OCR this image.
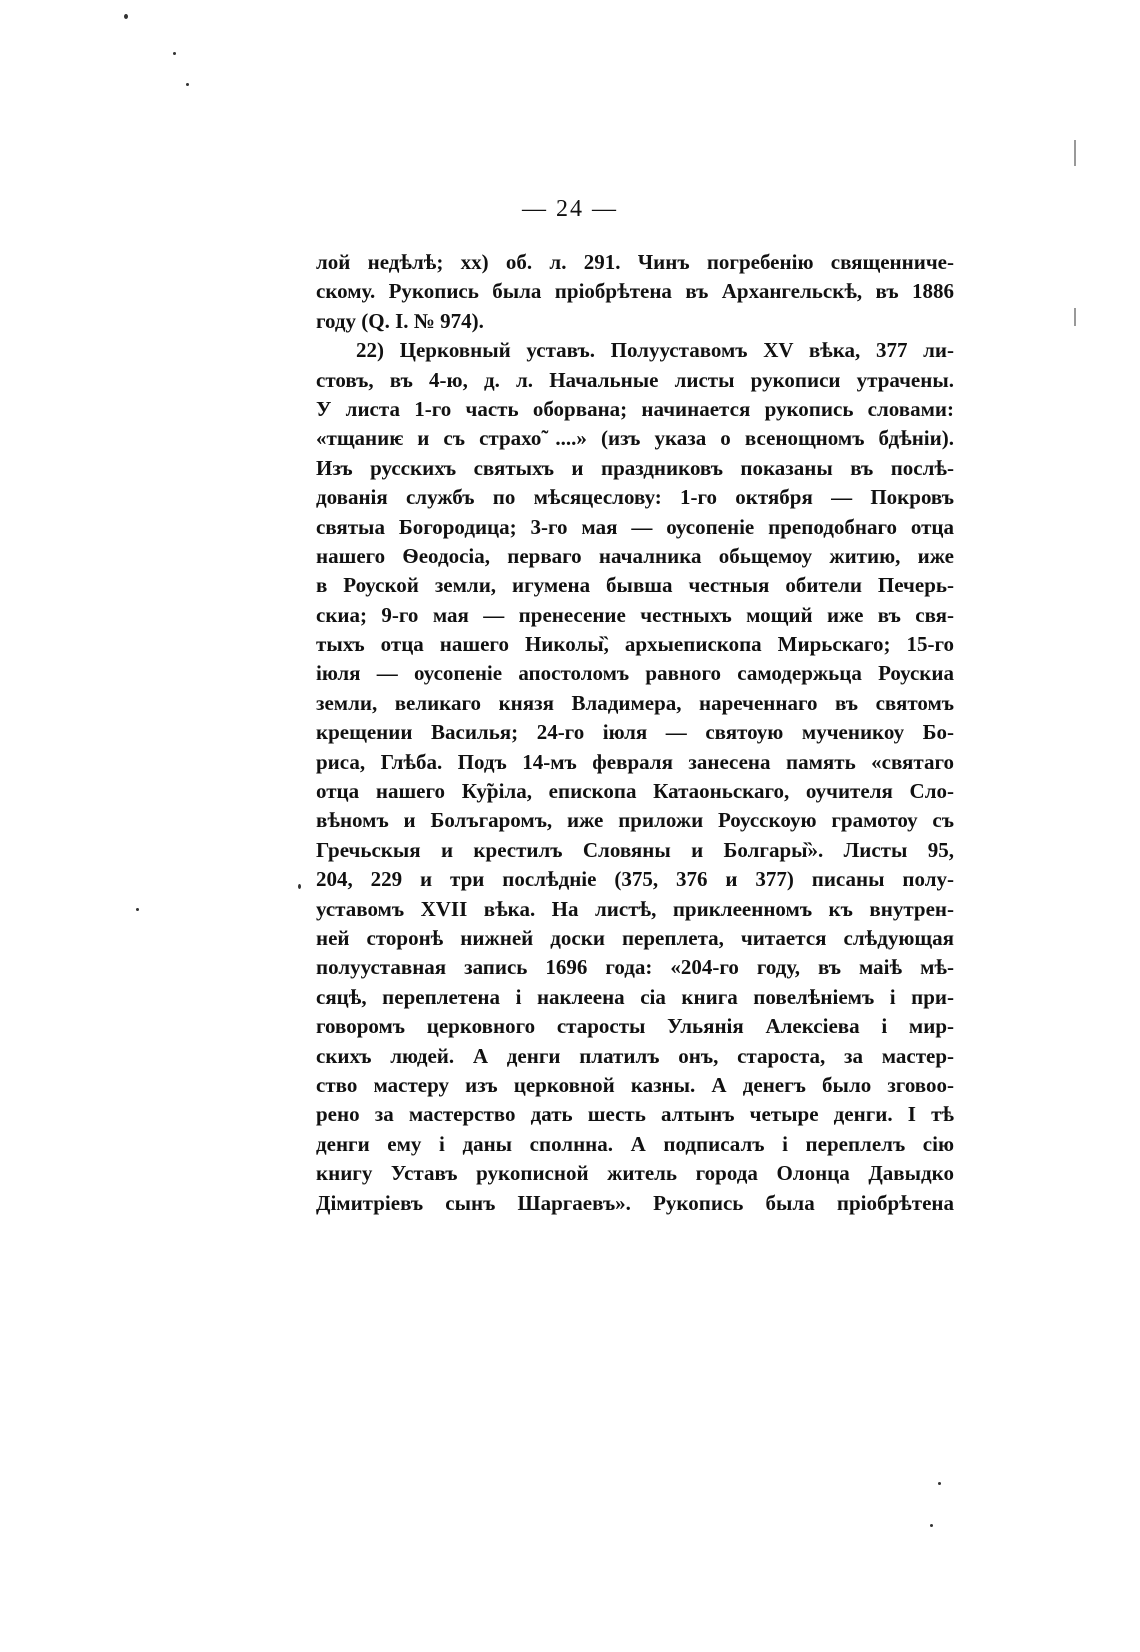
— 24 —
лой недѣлѣ; хх) об. л. 291. Чинъ погребенію священниче-
скому. Рукопись была пріобрѣтена въ Архангельскѣ, въ 1886
году (Q. I. № 974).
22) Церковный уставъ. Полууставомъ XV вѣка, 377 ли-
стовъ, въ 4-ю, д. л. Начальные листы рукописи утрачены.
У листа 1-го часть оборвана; начинается рукопись словами:
«тщаниѥ и съ страхо̃ ....» (изъ указа о всенощномъ бдѣніи).
Изъ русскихъ святыхъ и праздниковъ показаны въ послѣ-
дованія службъ по мѣсяцеслову: 1-го октября — Покровъ
святыа Богородица; 3-го мая — оусопеніе преподобнаго отца
нашего Ѳеодосіа, перваго началника обьщемоу житию, иже
в Роуской земли, игумена бывша честныя обители Печерь-
скиа; 9-го мая — пренесение честныхъ мощий иже въ свя-
тыхъ отца нашего Николы̏, архыепископа Мирьскаго; 15-го
іюля — оусопеніе апостоломъ равного самодержьца Роускиа
земли, великаго князя Владимера, нареченнаго въ святомъ
крещении Василья; 24-го іюля — святоую мученикоу Бо-
риса, Глѣба. Подъ 14-мъ февраля занесена память «святаго
отца нашего Ку̃ріла, епископа Катаоньскаго, оучителя Сло-
вѣномъ и Болъгаромъ, иже приложи Роусскоую грамотоу съ
Гречьскыя и крестилъ Словяны и Болгары̏». Листы 95,
204, 229 и три послѣдніе (375, 376 и 377) писаны полу-
уставомъ XVII вѣка. На листѣ, приклеенномъ къ внутрен-
ней сторонѣ нижней доски переплета, читается слѣдующая
полууставная запись 1696 года: «204-го году, въ маіѣ мѣ-
сяцѣ, переплетена і наклеена сіа книга повелѣніемъ і при-
говоромъ церковного старосты Ульянія Алексіева і мир-
скихъ людей. А денги платилъ онъ, староста, за мастер-
ство мастеру изъ церковной казны. А денегъ было зговоо-
рено за мастерство дать шесть алтынъ четыре денги. І тѣ
денги ему і даны сполнна. А подписалъ і переплелъ сію
книгу Уставъ рукописной житель города Олонца Давыдко
Дімитріевъ сынъ Шаргаевъ». Рукопись была пріобрѣтена
